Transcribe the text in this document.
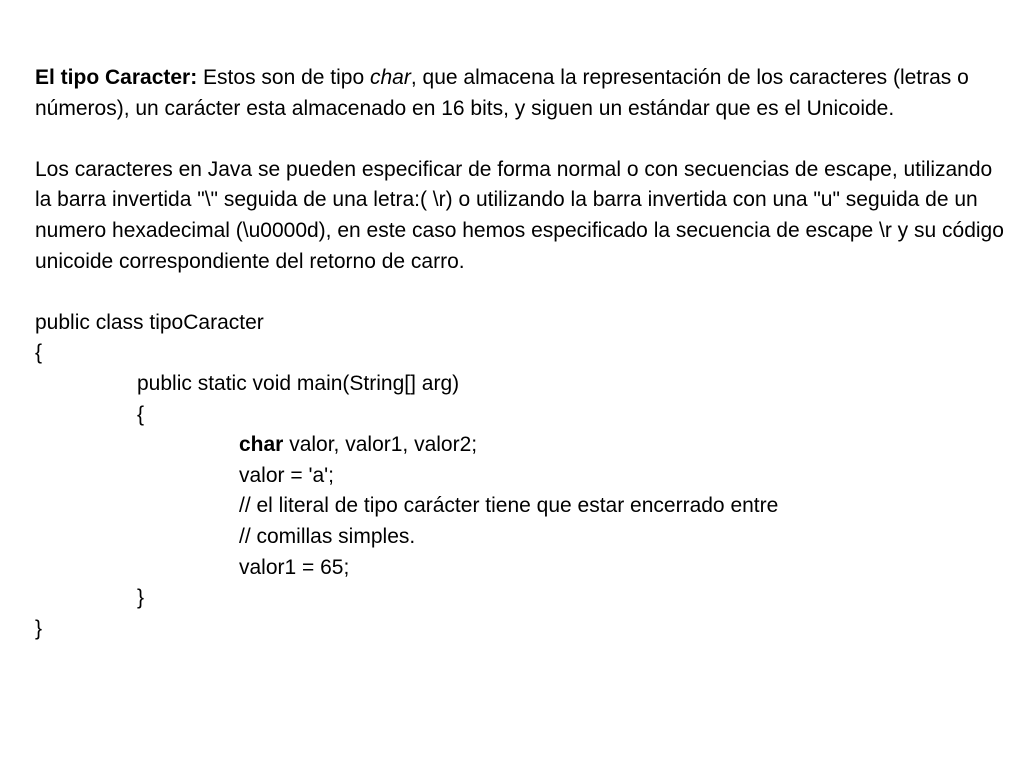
El tipo Caracter: Estos son de tipo char, que almacena la representación de los caracteres (letras o números), un carácter esta almacenado en 16 bits, y siguen un estándar que es el Unicoide.

Los caracteres en Java se pueden especificar de forma normal o con secuencias de escape, utilizando la barra invertida "\" seguida de una letra:( \r) o utilizando la barra invertida con una "u" seguida de un numero hexadecimal (\u0000d), en este caso hemos especificado la secuencia de escape \r y su código unicoide correspondiente del retorno de carro.

public class tipoCaracter
{
public static void main(String[] arg)
{
char valor, valor1, valor2;
valor = 'a';
// el literal de tipo carácter tiene que estar encerrado entre
// comillas simples.
valor1 = 65;
}
}
